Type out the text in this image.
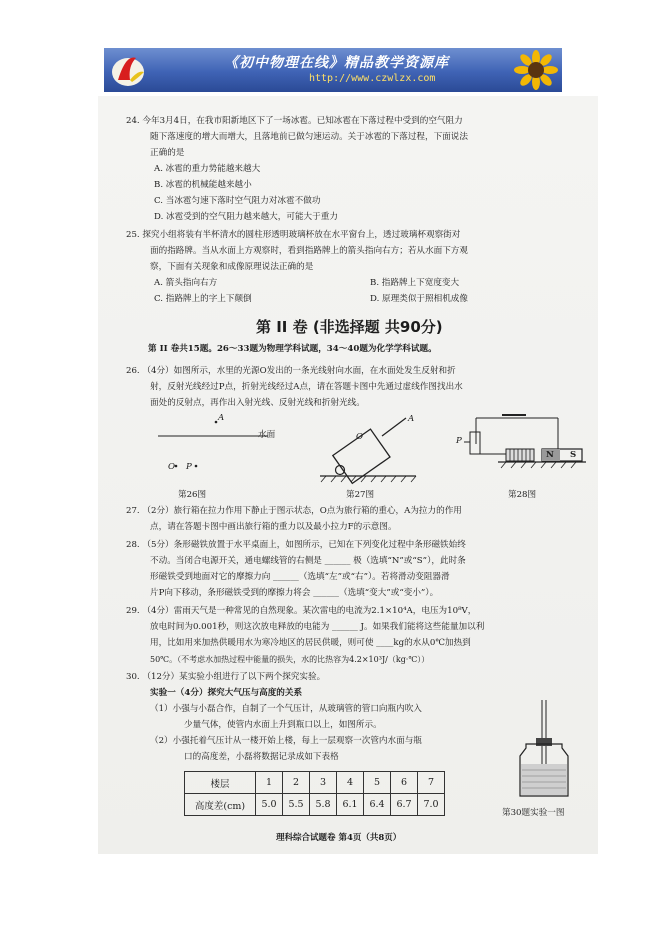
《初中物理在线》精品教学资源库
http://www.czwlzx.com
24. 今年3月4日，在我市阳新地区下了一场冰雹。已知冰雹在下落过程中受到的空气阻力
随下落速度的增大而增大，且落地前已做匀速运动。关于冰雹的下落过程，下面说法
正确的是
A. 冰雹的重力势能越来越大
B. 冰雹的机械能越来越小
C. 当冰雹匀速下落时空气阻力对冰雹不做功
D. 冰雹受到的空气阻力越来越大，可能大于重力
25. 探究小组将装有半杯清水的圆柱形透明玻璃杯放在水平窗台上，透过玻璃杯观察街对
面的指路牌。当从水面上方观察时，看到指路牌上的箭头指向右方；若从水面下方观
察，下面有关现象和成像原理说法正确的是
A. 箭头指向右方	B. 指路牌上下宽度变大
C. 指路牌上的字上下颠倒	D. 原理类似于照相机成像
第 II 卷 (非选择题 共90分)
第 II 卷共15题。26～33题为物理学科试题，34～40题为化学学科试题。
26. （4分）如图所示，水里的光源O发出的一条光线射向水面，在水面处发生反射和折
射，反射光线经过P点，折射光线经过A点，请在答题卡图中先通过虚线作图找出水
面处的反射点，再作出入射光线、反射光线和折射光线。
水面
A
O P
第26图
O
A
第27图
P
N S
第28图
27. （2分）旅行箱在拉力作用下静止于图示状态，O点为旅行箱的重心，A为拉力的作用
点，请在答题卡图中画出旅行箱的重力以及最小拉力F的示意图。
28. （5分）条形磁铁放置于水平桌面上，如图所示，已知在下列变化过程中条形磁铁始终
不动。当闭合电源开关，通电螺线管的右侧是 ______ 极（选填“N”或“S”），此时条
形磁铁受到地面对它的摩擦力向 ______（选填“左”或“右”）。若将滑动变阻器滑
片P向下移动，条形磁铁受到的摩擦力将会 ______（选填“变大”或“变小”）。
29. （4分）雷雨天气是一种常见的自然现象。某次雷电的电流为2.1×10⁴A，电压为10⁸V，
放电时间为0.001秒，则这次放电释放的电能为 ______ J。如果我们能将这些能量加以利
用，比如用来加热供暖用水为寒冷地区的居民供暖，则可使 ____kg的水从0℃加热到
50℃。（不考虑水加热过程中能量的损失，水的比热容为4.2×10³J/（kg·℃））
30. （12分）某实验小组进行了以下两个探究实验。
实验一（4分）探究大气压与高度的关系
（1）小强与小磊合作，自制了一个气压计，从玻璃管的管口向瓶内吹入
少量气体，使管内水面上升到瓶口以上，如图所示。
（2）小强托着气压计从一楼开始上楼，每上一层观察一次管内水面与瓶
口的高度差，小磊将数据记录成如下表格
楼层	1	2	3	4	5	6	7
高度差(cm)	5.0	5.5	5.8	6.1	6.4	6.7	7.0
第30题实验一图
理科综合试题卷 第4页（共8页）
